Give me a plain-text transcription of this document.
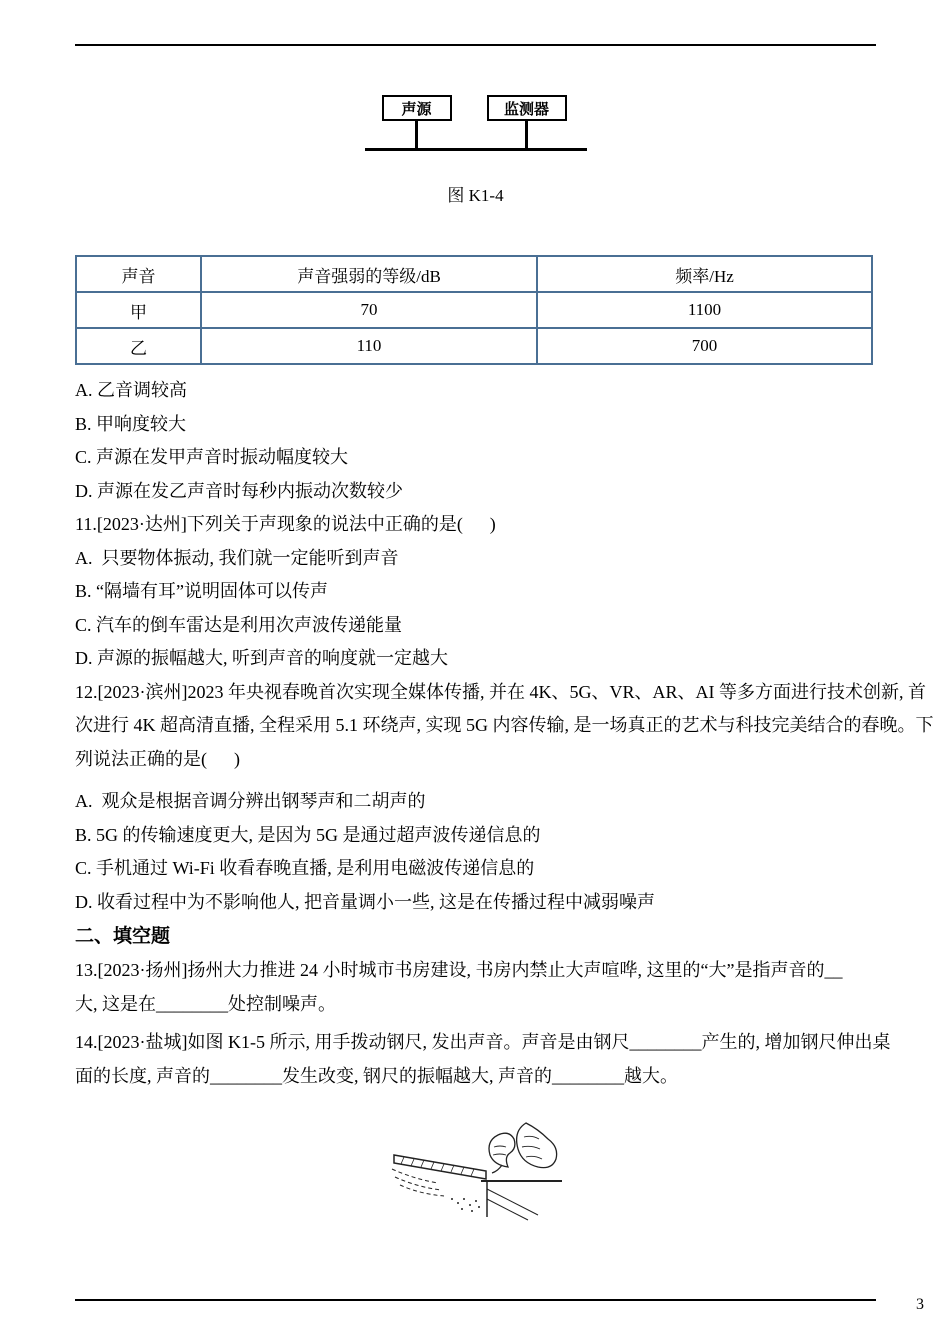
声源	监测器
图 K1-4
声音	声音强弱的等级/dB	频率/Hz
甲	70	1100
乙	110	700
A. 乙音调较高
B. 甲响度较大
C. 声源在发甲声音时振动幅度较大
D. 声源在发乙声音时每秒内振动次数较少
11.[2023·达州]下列关于声现象的说法中正确的是(      )
A.  只要物体振动, 我们就一定能听到声音
B. “隔墙有耳”说明固体可以传声
C. 汽车的倒车雷达是利用次声波传递能量
D. 声源的振幅越大, 听到声音的响度就一定越大
12.[2023·滨州]2023 年央视春晚首次实现全媒体传播, 并在 4K、5G、VR、AR、AI 等多方面进行技术创新, 首
次进行 4K 超高清直播, 全程采用 5.1 环绕声, 实现 5G 内容传输, 是一场真正的艺术与科技完美结合的春晚。下
列说法正确的是(      )
A.  观众是根据音调分辨出钢琴声和二胡声的
B. 5G 的传输速度更大, 是因为 5G 是通过超声波传递信息的
C. 手机通过 Wi-Fi 收看春晚直播, 是利用电磁波传递信息的
D. 收看过程中为不影响他人, 把音量调小一些, 这是在传播过程中减弱噪声
二、填空题
13.[2023·扬州]扬州大力推进 24 小时城市书房建设, 书房内禁止大声喧哗, 这里的“大”是指声音的__
大, 这是在________处控制噪声。
14.[2023·盐城]如图 K1-5 所示, 用手拨动钢尺, 发出声音。声音是由钢尺________产生的, 增加钢尺伸出桌
面的长度, 声音的________发生改变, 钢尺的振幅越大, 声音的________越大。
3
